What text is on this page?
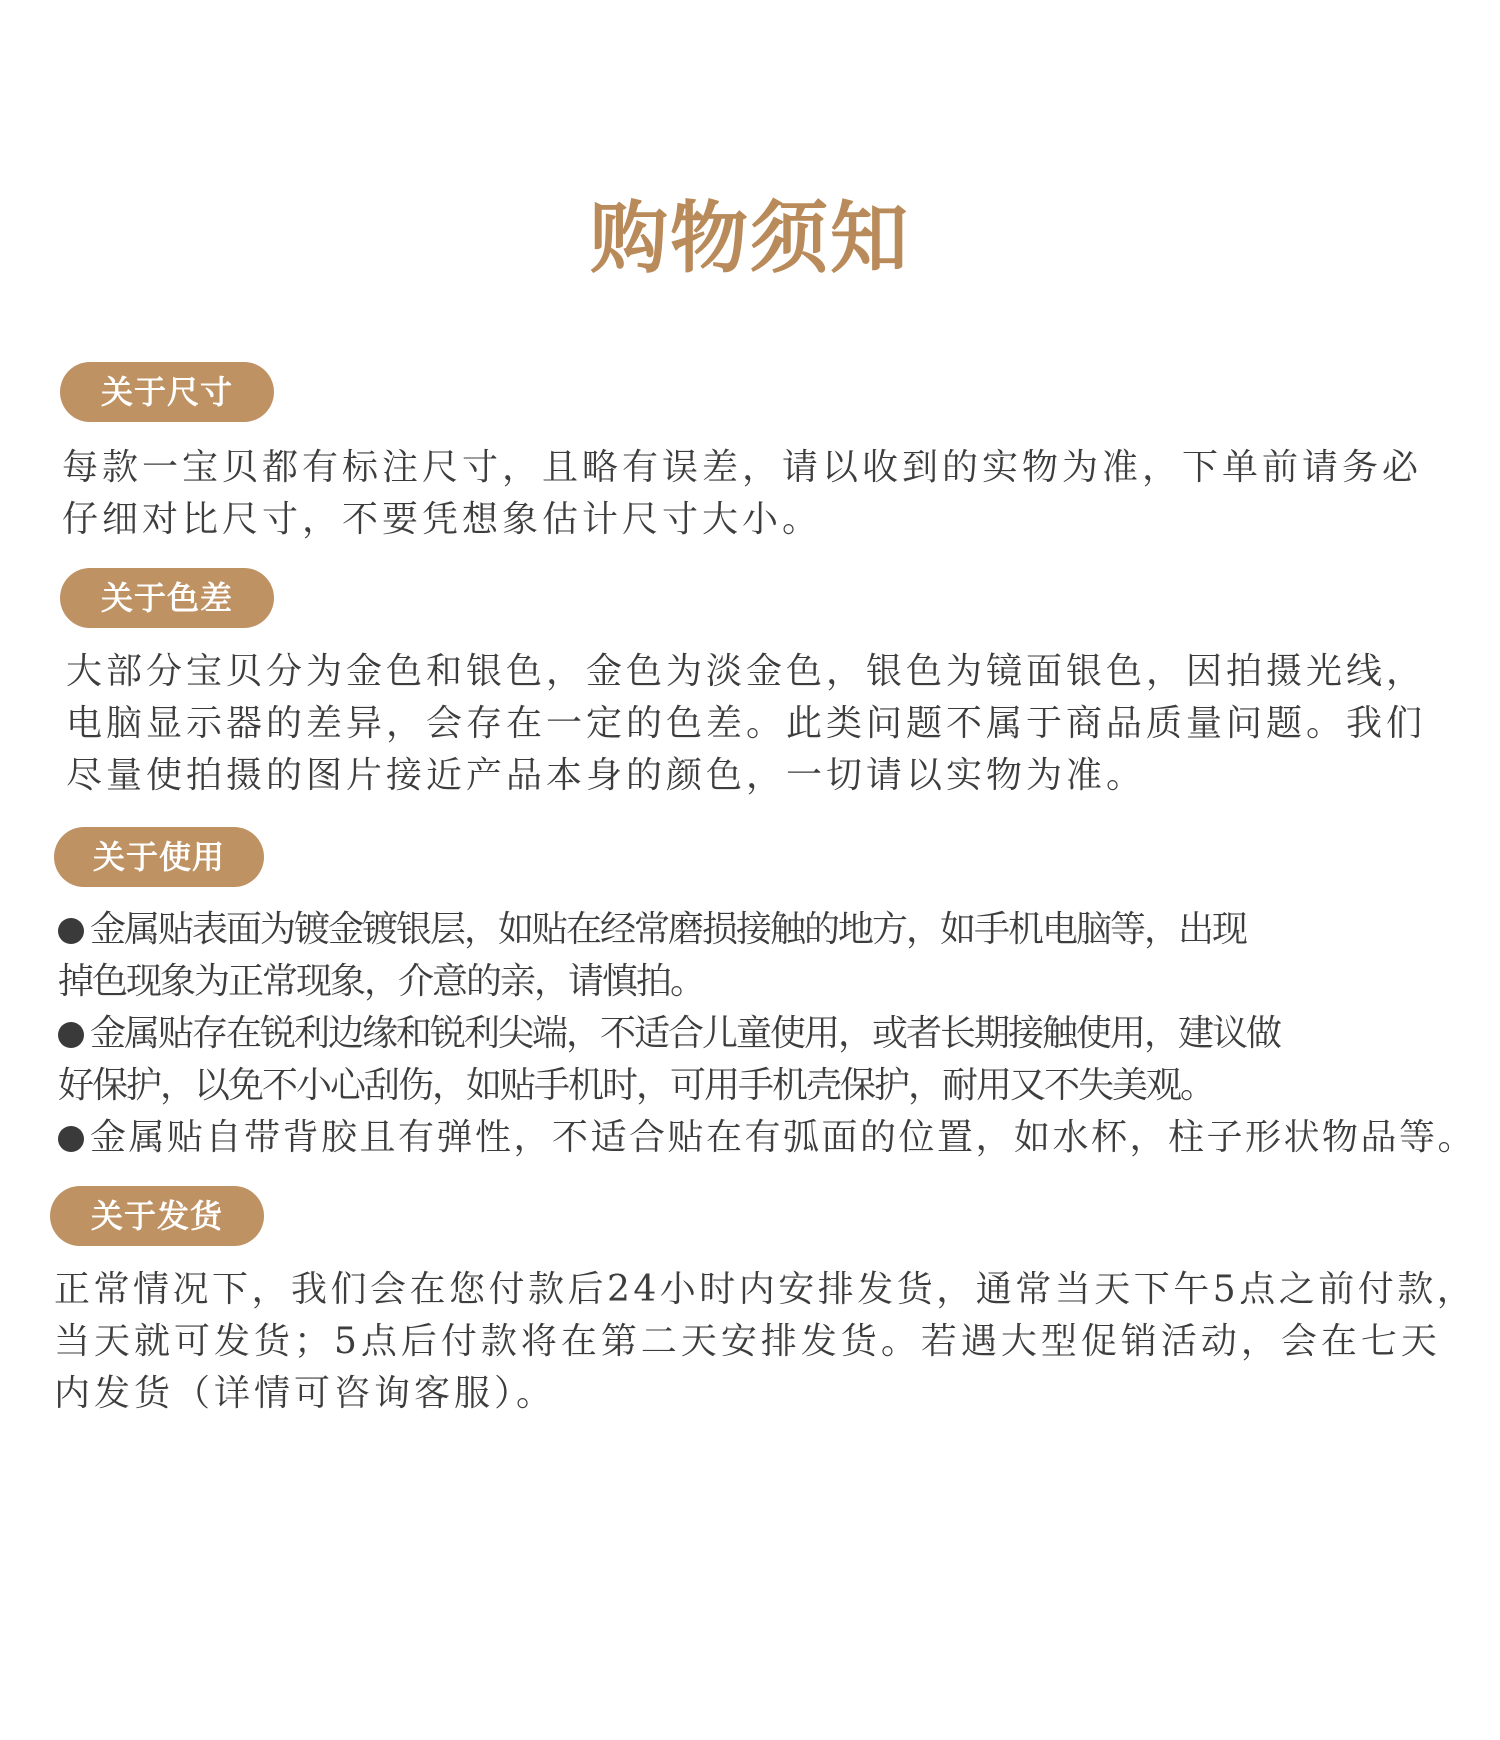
购物须知
关于尺寸
每款一宝贝都有标注尺寸，且略有误差，请以收到的实物为准，下单前请务必
仔细对比尺寸，不要凭想象估计尺寸大小。
关于色差
大部分宝贝分为金色和银色，金色为淡金色，银色为镜面银色，因拍摄光线，
电脑显示器的差异，会存在一定的色差。此类问题不属于商品质量问题。我们
尽量使拍摄的图片接近产品本身的颜色，一切请以实物为准。
关于使用
金属贴表面为镀金镀银层，如贴在经常磨损接触的地方，如手机电脑等，出现
掉色现象为正常现象，介意的亲，请慎拍。
金属贴存在锐利边缘和锐利尖端，不适合儿童使用，或者长期接触使用，建议做
好保护，以免不小心刮伤，如贴手机时，可用手机壳保护，耐用又不失美观。
金属贴自带背胶且有弹性，不适合贴在有弧面的位置，如水杯，柱子形状物品等。
关于发货
正常情况下，我们会在您付款后24小时内安排发货，通常当天下午5点之前付款，
当天就可发货；5点后付款将在第二天安排发货。若遇大型促销活动，会在七天
内发货（详情可咨询客服）。
